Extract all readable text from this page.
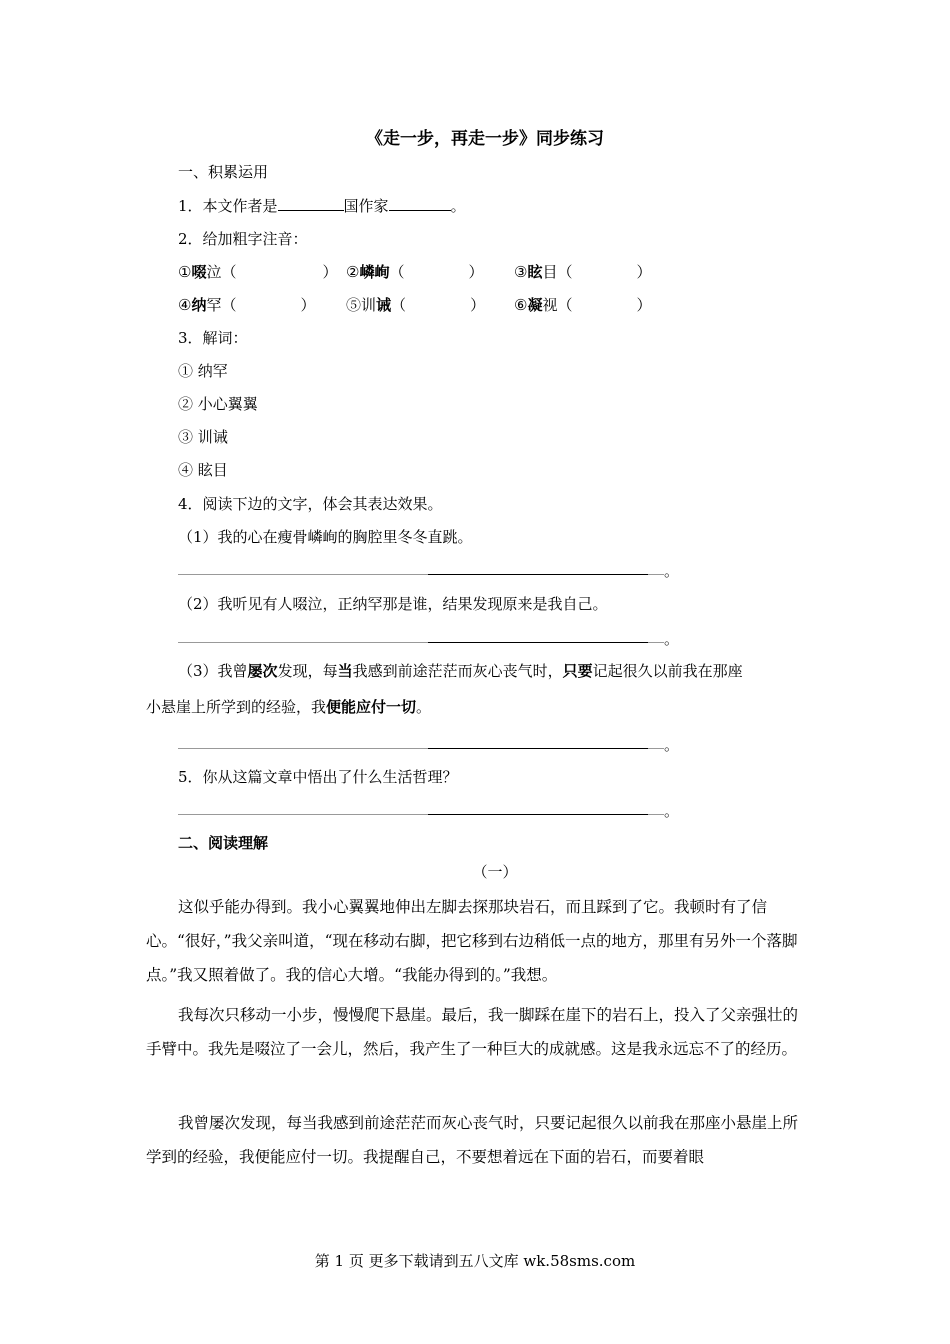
《走一步，再走一步》同步练习
一、积累运用
1．本文作者是	国作家	。
2．给加粗字注音：
①啜泣（	） ②嶙峋（	） ③眩目（	）
④纳罕（	） ⑤训诫（	） ⑥凝视（	）
3．解词：
① 纳罕
② 小心翼翼
③ 训诫
④ 眩目
4．阅读下边的文字，体会其表达效果。
（1）我的心在瘦骨嶙峋的胸腔里冬冬直跳。
。
（2）我听见有人啜泣，正纳罕那是谁，结果发现原来是我自己。
。
（3）我曾屡次发现，每当我感到前途茫茫而灰心丧气时，只要记起很久以前我在那座
小悬崖上所学到的经验，我便能应付一切。
。
5．你从这篇文章中悟出了什么生活哲理？
。
二、阅读理解
（一）
这似乎能办得到。我小心翼翼地伸出左脚去探那块岩石，而且踩到了它。我顿时有了信心。“很好，”我父亲叫道，“现在移动右脚，把它移到右边稍低一点的地方，那里有另外一个落脚点。”我又照着做了。我的信心大增。“我能办得到的。”我想。
我每次只移动一小步，慢慢爬下悬崖。最后，我一脚踩在崖下的岩石上，投入了父亲强壮的手臂中。我先是啜泣了一会儿，然后，我产生了一种巨大的成就感。这是我永远忘不了的经历。
我曾屡次发现，每当我感到前途茫茫而灰心丧气时，只要记起很久以前我在那座小悬崖上所学到的经验，我便能应付一切。我提醒自己，不要想着远在下面的岩石，而要着眼
第 1 页 更多下载请到五八文库 wk.58sms.com
